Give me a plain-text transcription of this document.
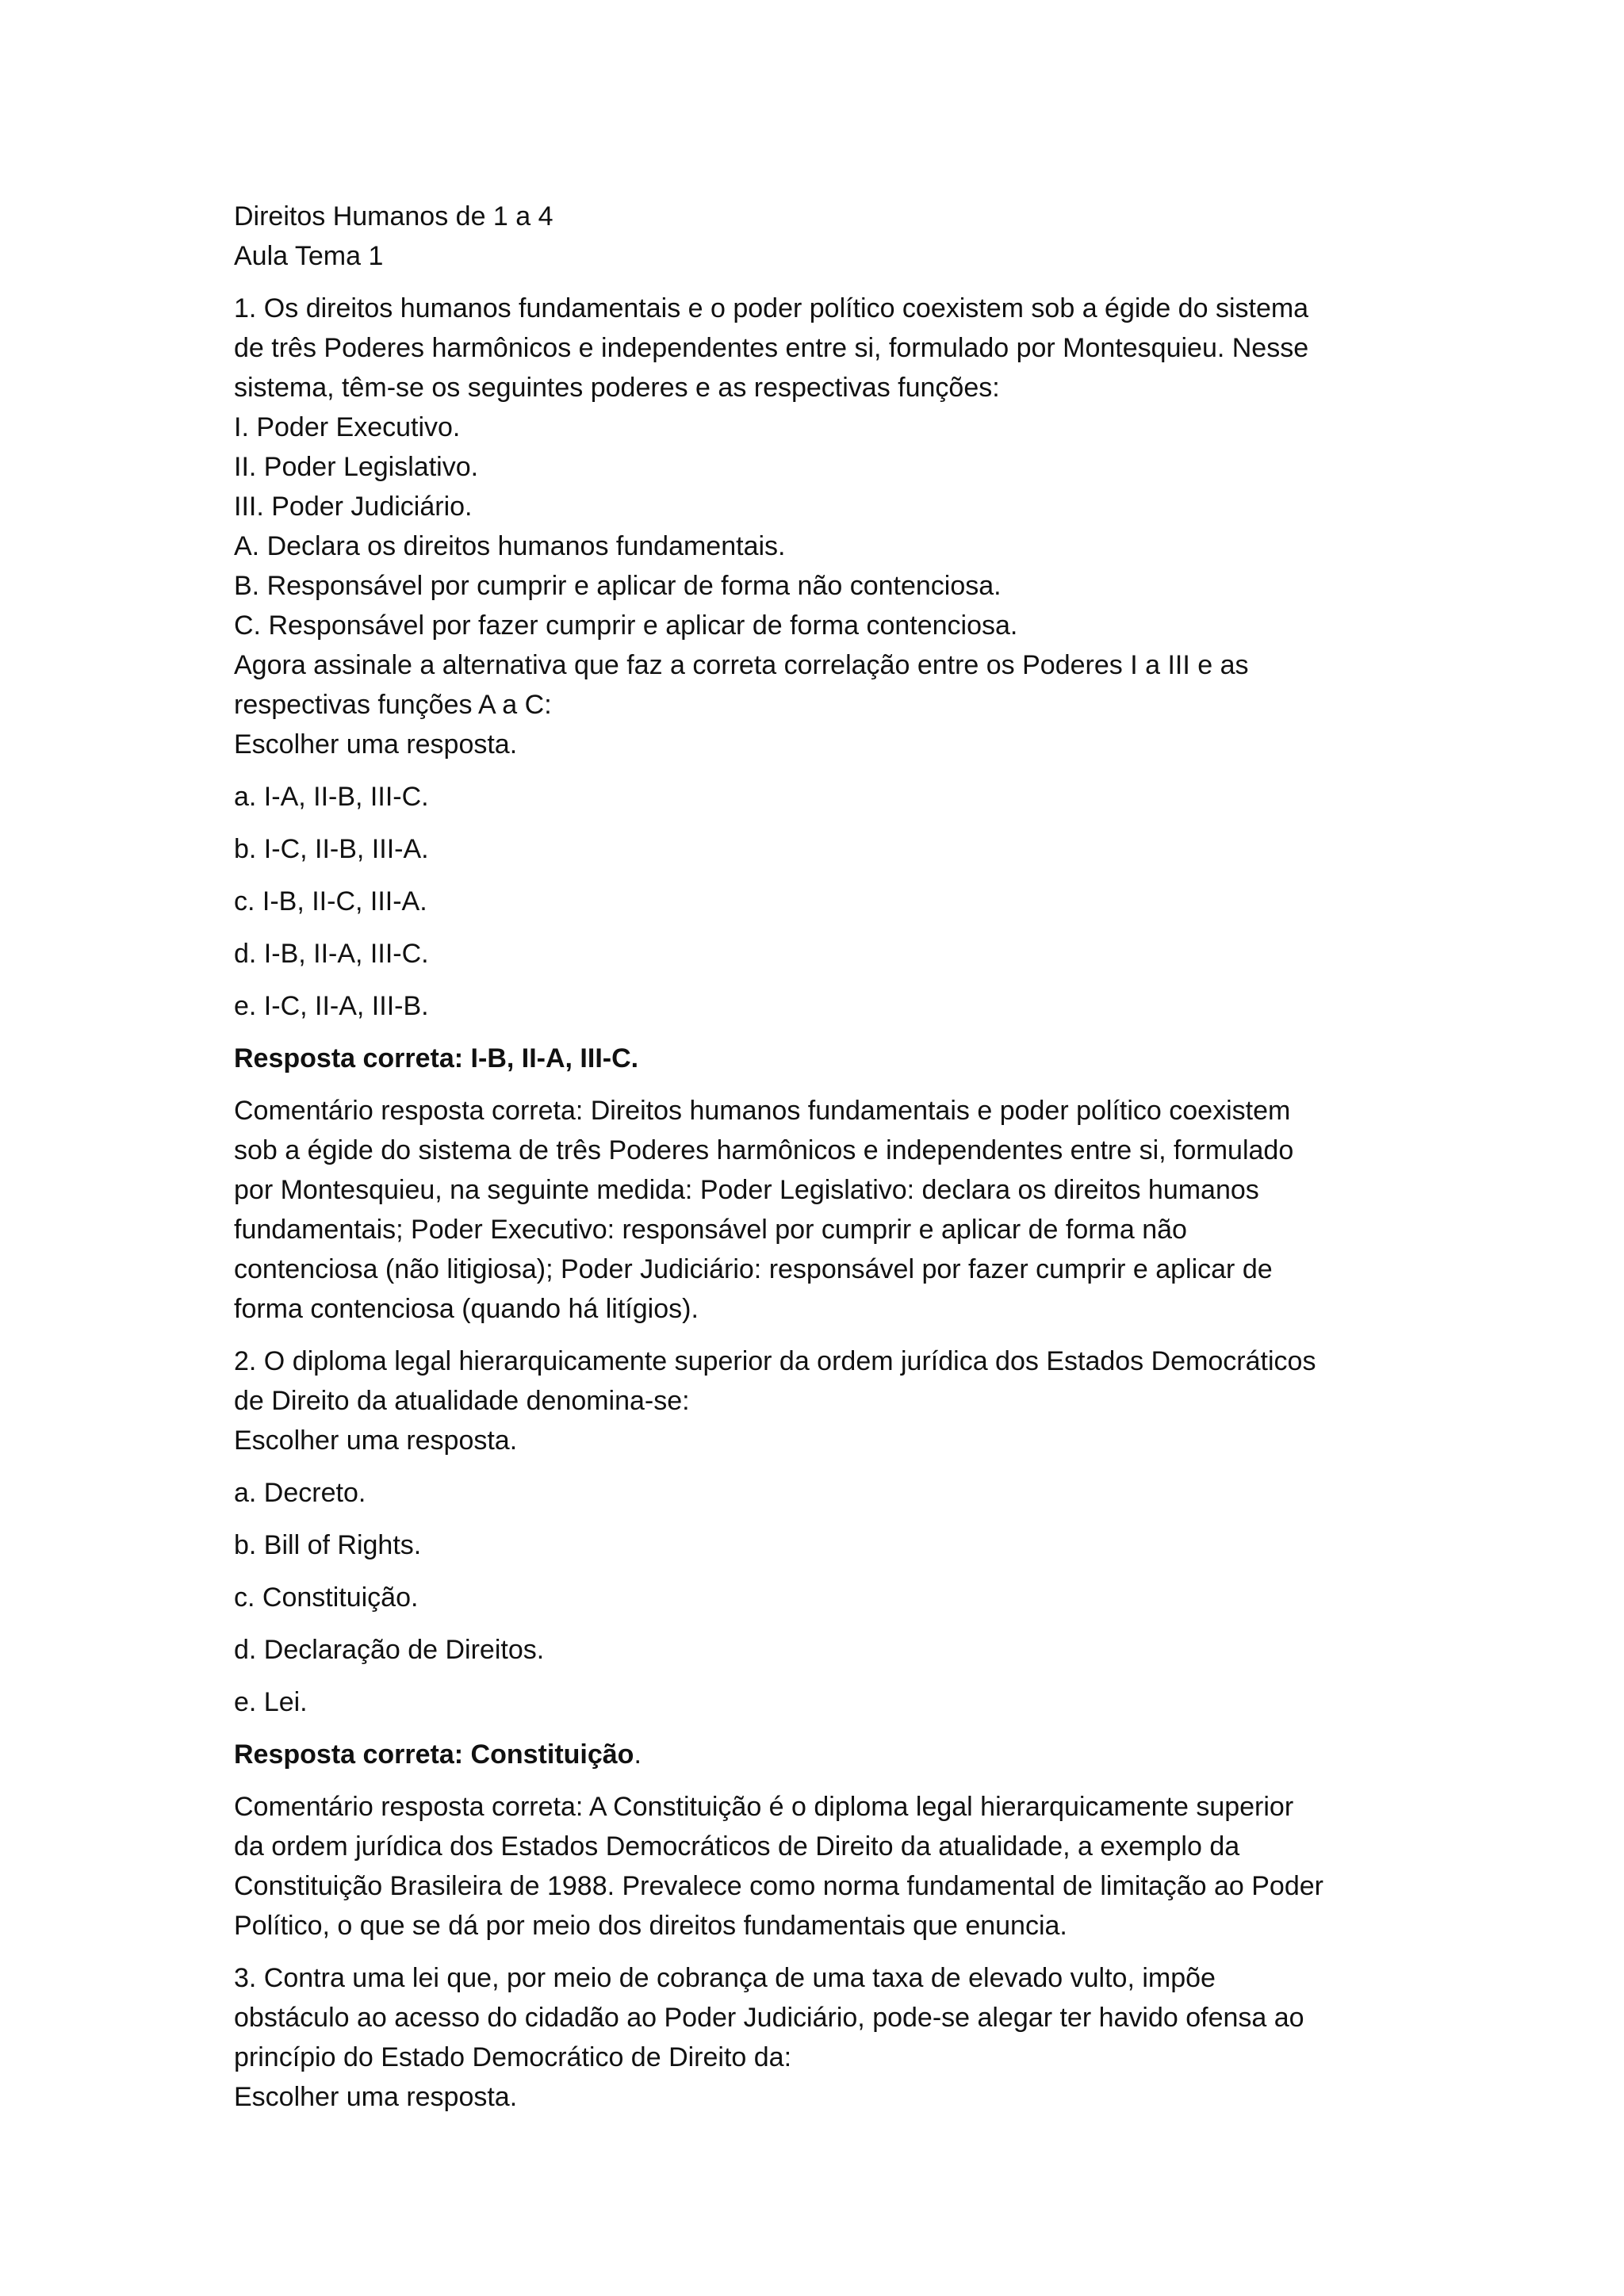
Direitos Humanos de 1 a 4
Aula Tema 1
1. Os direitos humanos fundamentais e o poder político coexistem sob a égide do sistema
de três Poderes harmônicos e independentes entre si, formulado por Montesquieu. Nesse
sistema, têm-se os seguintes poderes e as respectivas funções:
I. Poder Executivo.
II. Poder Legislativo.
III. Poder Judiciário.
A. Declara os direitos humanos fundamentais.
B. Responsável por cumprir e aplicar de forma não contenciosa.
C. Responsável por fazer cumprir e aplicar de forma contenciosa.
Agora assinale a alternativa que faz a correta correlação entre os Poderes I a III e as
respectivas funções A a C:
Escolher uma resposta.
a. I-A, II-B, III-C.
b. I-C, II-B, III-A.
c. I-B, II-C, III-A.
d. I-B, II-A, III-C.
e. I-C, II-A, III-B.
Resposta correta: I-B, II-A, III-C.
Comentário resposta correta: Direitos humanos fundamentais e poder político coexistem
sob a égide do sistema de três Poderes harmônicos e independentes entre si, formulado
por Montesquieu, na seguinte medida: Poder Legislativo: declara os direitos humanos
fundamentais; Poder Executivo: responsável por cumprir e aplicar de forma não
contenciosa (não litigiosa); Poder Judiciário: responsável por fazer cumprir e aplicar de
forma contenciosa (quando há litígios).
2. O diploma legal hierarquicamente superior da ordem jurídica dos Estados Democráticos
de Direito da atualidade denomina-se:
Escolher uma resposta.
a. Decreto.
b. Bill of Rights.
c. Constituição.
d. Declaração de Direitos.
e. Lei.
Resposta correta: Constituição.
Comentário resposta correta: A Constituição é o diploma legal hierarquicamente superior
da ordem jurídica dos Estados Democráticos de Direito da atualidade, a exemplo da
Constituição Brasileira de 1988. Prevalece como norma fundamental de limitação ao Poder
Político, o que se dá por meio dos direitos fundamentais que enuncia.
3. Contra uma lei que, por meio de cobrança de uma taxa de elevado vulto, impõe
obstáculo ao acesso do cidadão ao Poder Judiciário, pode-se alegar ter havido ofensa ao
princípio do Estado Democrático de Direito da:
Escolher uma resposta.
